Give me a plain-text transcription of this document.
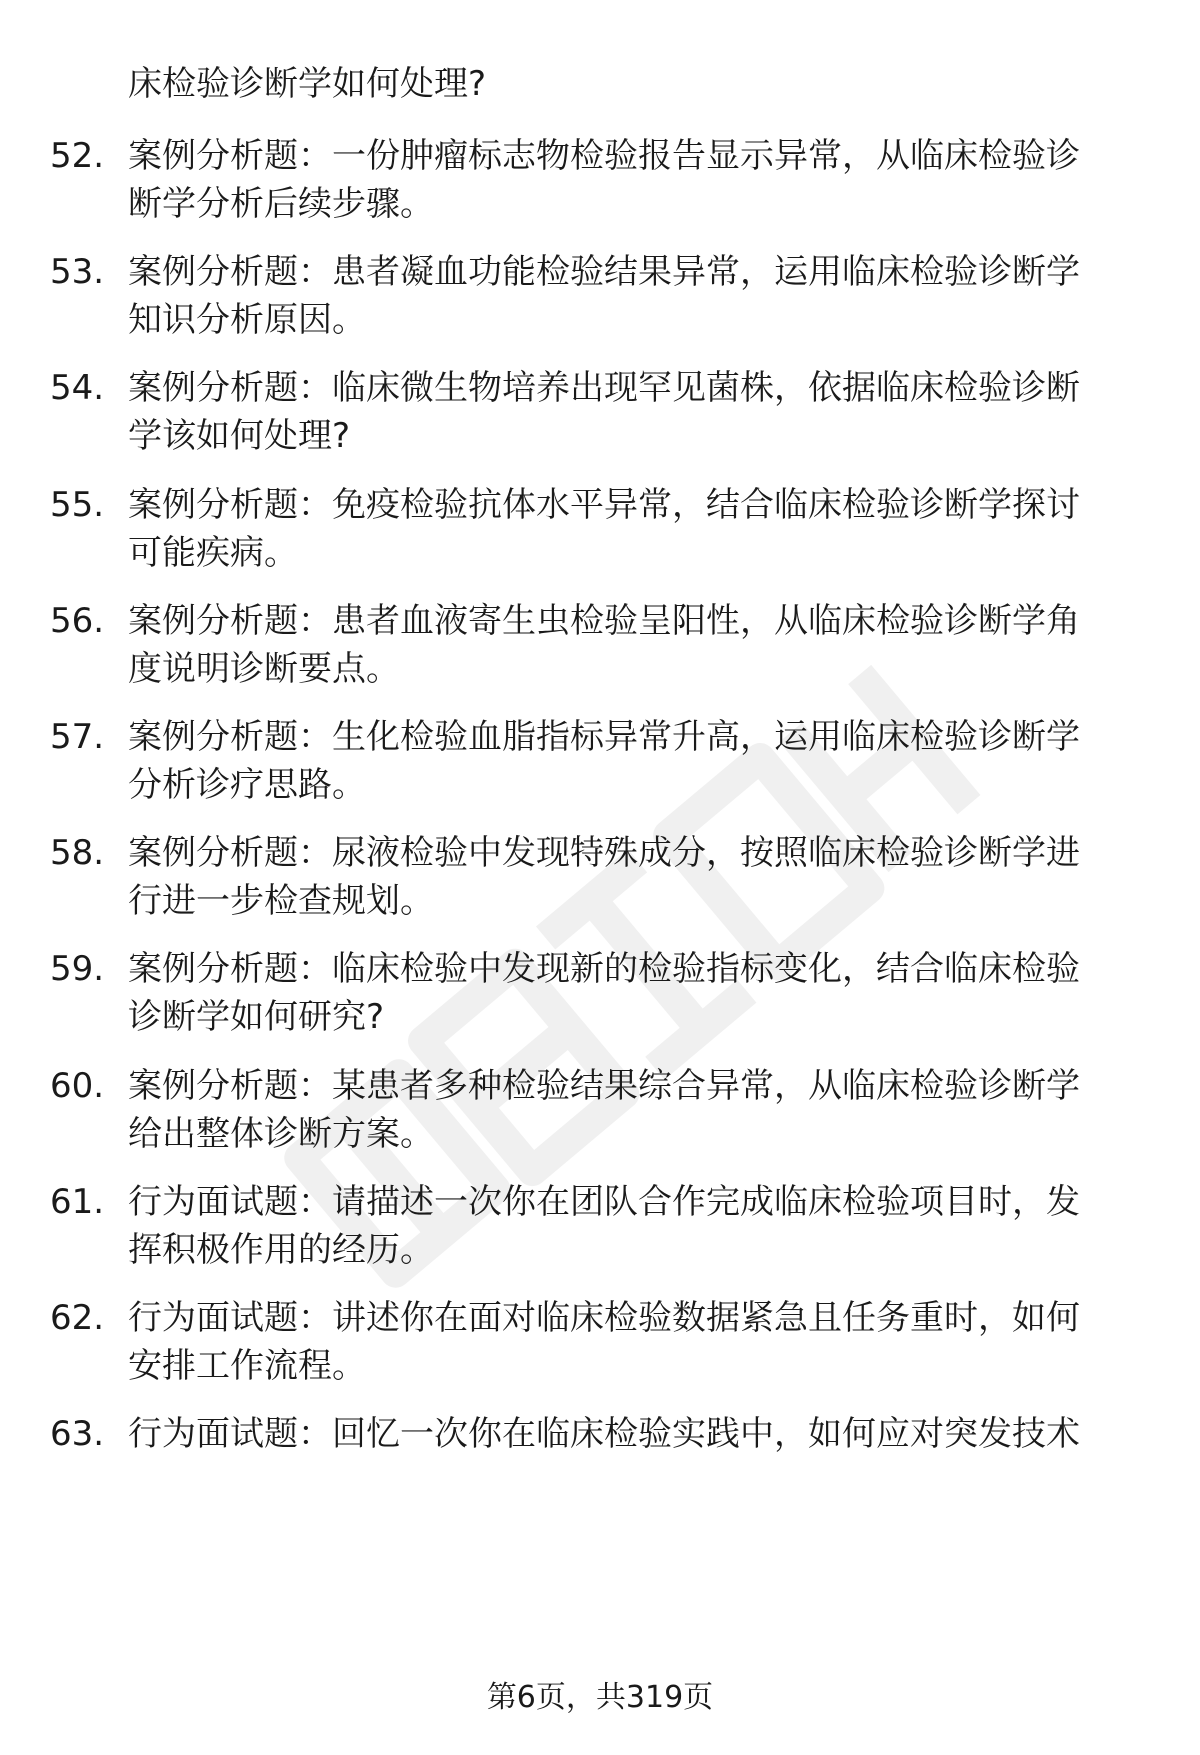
床检验诊断学如何处理?
52. 案例分析题：一份肿瘤标志物检验报告显示异常，从临床检验诊
断学分析后续步骤。
53. 案例分析题：患者凝血功能检验结果异常，运用临床检验诊断学
知识分析原因。
54. 案例分析题：临床微生物培养出现罕见菌株，依据临床检验诊断
学该如何处理?
55. 案例分析题：免疫检验抗体水平异常，结合临床检验诊断学探讨
可能疾病。
56. 案例分析题：患者血液寄生虫检验呈阳性，从临床检验诊断学角
度说明诊断要点。
57. 案例分析题：生化检验血脂指标异常升高，运用临床检验诊断学
分析诊疗思路。
58. 案例分析题：尿液检验中发现特殊成分，按照临床检验诊断学进
行进一步检查规划。
59. 案例分析题：临床检验中发现新的检验指标变化，结合临床检验
诊断学如何研究?
60. 案例分析题：某患者多种检验结果综合异常，从临床检验诊断学
给出整体诊断方案。
61. 行为面试题：请描述一次你在团队合作完成临床检验项目时，发
挥积极作用的经历。
62. 行为面试题：讲述你在面对临床检验数据紧急且任务重时，如何
安排工作流程。
63. 行为面试题：回忆一次你在临床检验实践中，如何应对突发技术
第6页，共319页
